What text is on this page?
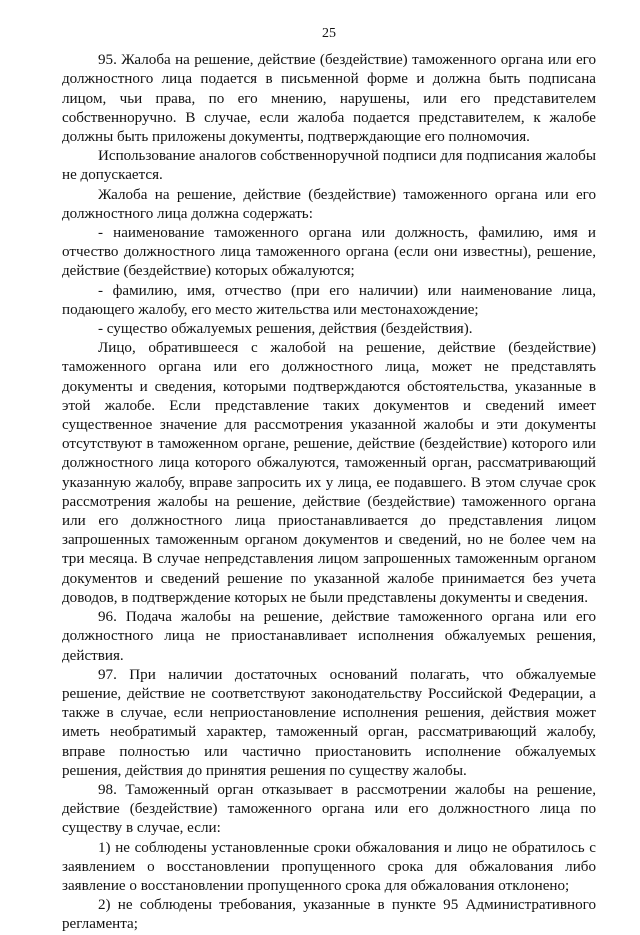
25

95. Жалоба на решение, действие (бездействие) таможенного органа или его должностного лица подается в письменной форме и должна быть подписана лицом, чьи права, по его мнению, нарушены, или его представителем собственноручно. В случае, если жалоба подается представителем, к жалобе должны быть приложены документы, подтверждающие его полномочия.

Использование аналогов собственноручной подписи для подписания жалобы не допускается.

Жалоба на решение, действие (бездействие) таможенного органа или его должностного лица должна содержать:

- наименование таможенного органа или должность, фамилию, имя и отчество должностного лица таможенного органа (если они известны), решение, действие (бездействие) которых обжалуются;

- фамилию, имя, отчество (при его наличии) или наименование лица, подающего жалобу, его место жительства или местонахождение;

- существо обжалуемых решения, действия (бездействия).

Лицо, обратившееся с жалобой на решение, действие (бездействие) таможенного органа или его должностного лица, может не представлять документы и сведения, которыми подтверждаются обстоятельства, указанные в этой жалобе. Если представление таких документов и сведений имеет существенное значение для рассмотрения указанной жалобы и эти документы отсутствуют в таможенном органе, решение, действие (бездействие) которого или должностного лица которого обжалуются, таможенный орган, рассматривающий указанную жалобу, вправе запросить их у лица, ее подавшего. В этом случае срок рассмотрения жалобы на решение, действие (бездействие) таможенного органа или его должностного лица приостанавливается до представления лицом запрошенных таможенным органом документов и сведений, но не более чем на три месяца. В случае непредставления лицом запрошенных таможенным органом документов и сведений решение по указанной жалобе принимается без учета доводов, в подтверждение которых не были представлены документы и сведения.

96. Подача жалобы на решение, действие таможенного органа или его должностного лица не приостанавливает исполнения обжалуемых решения, действия.

97. При наличии достаточных оснований полагать, что обжалуемые решение, действие не соответствуют законодательству Российской Федерации, а также в случае, если неприостановление исполнения решения, действия может иметь необратимый характер, таможенный орган, рассматривающий жалобу, вправе полностью или частично приостановить исполнение обжалуемых решения, действия до принятия решения по существу жалобы.

98. Таможенный орган отказывает в рассмотрении жалобы на решение, действие (бездействие) таможенного органа или его должностного лица по существу в случае, если:

1) не соблюдены установленные сроки обжалования и лицо не обратилось с заявлением о восстановлении пропущенного срока для обжалования либо заявление о восстановлении пропущенного срока для обжалования отклонено;

2) не соблюдены требования, указанные в пункте 95 Административного регламента;
